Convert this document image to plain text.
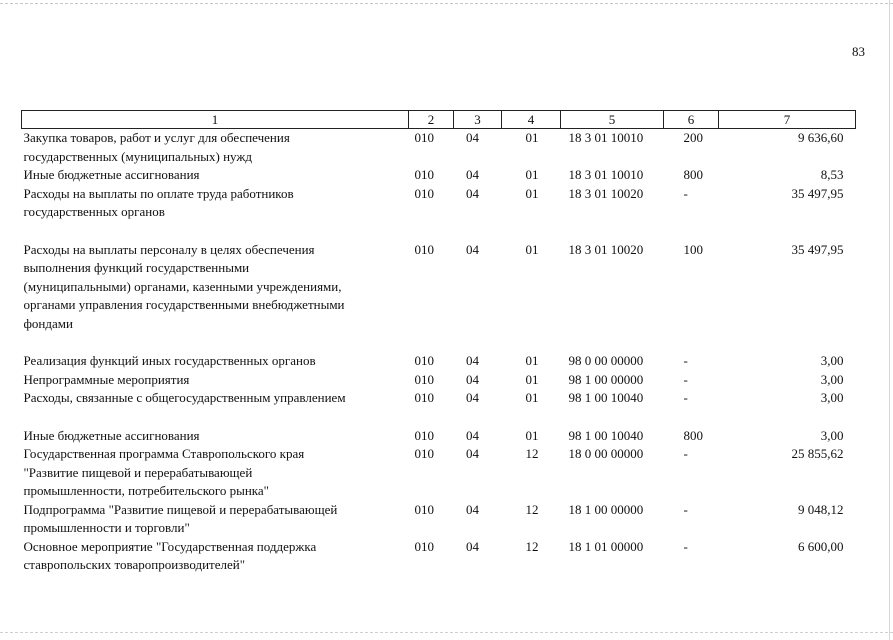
83
1	2	3	4	5	6	7
Закупка товаров, работ и услуг для обеспечения	010	04	01	18 3 01 10010	200	9 636,60
государственных (муниципальных) нужд						
Иные бюджетные ассигнования	010	04	01	18 3 01 10010	800	8,53
Расходы на выплаты по оплате труда работников	010	04	01	18 3 01 10020	-	35 497,95
государственных органов						

Расходы на выплаты персоналу в целях обеспечения	010	04	01	18 3 01 10020	100	35 497,95
выполнения функций государственными						
(муниципальными) органами, казенными учреждениями,						
органами управления государственными внебюджетными						
фондами						

Реализация функций иных государственных органов	010	04	01	98 0 00 00000	-	3,00
Непрограммные мероприятия	010	04	01	98 1 00 00000	-	3,00
Расходы, связанные с общегосударственным управлением	010	04	01	98 1 00 10040	-	3,00

Иные бюджетные ассигнования	010	04	01	98 1 00 10040	800	3,00
Государственная программа Ставропольского края	010	04	12	18 0 00 00000	-	25 855,62
"Развитие пищевой и перерабатывающей						
промышленности, потребительского рынка"						
Подпрограмма "Развитие пищевой и перерабатывающей	010	04	12	18 1 00 00000	-	9 048,12
промышленности и торговли"						
Основное мероприятие "Государственная поддержка	010	04	12	18 1 01 00000	-	6 600,00
ставропольских товаропроизводителей"						
